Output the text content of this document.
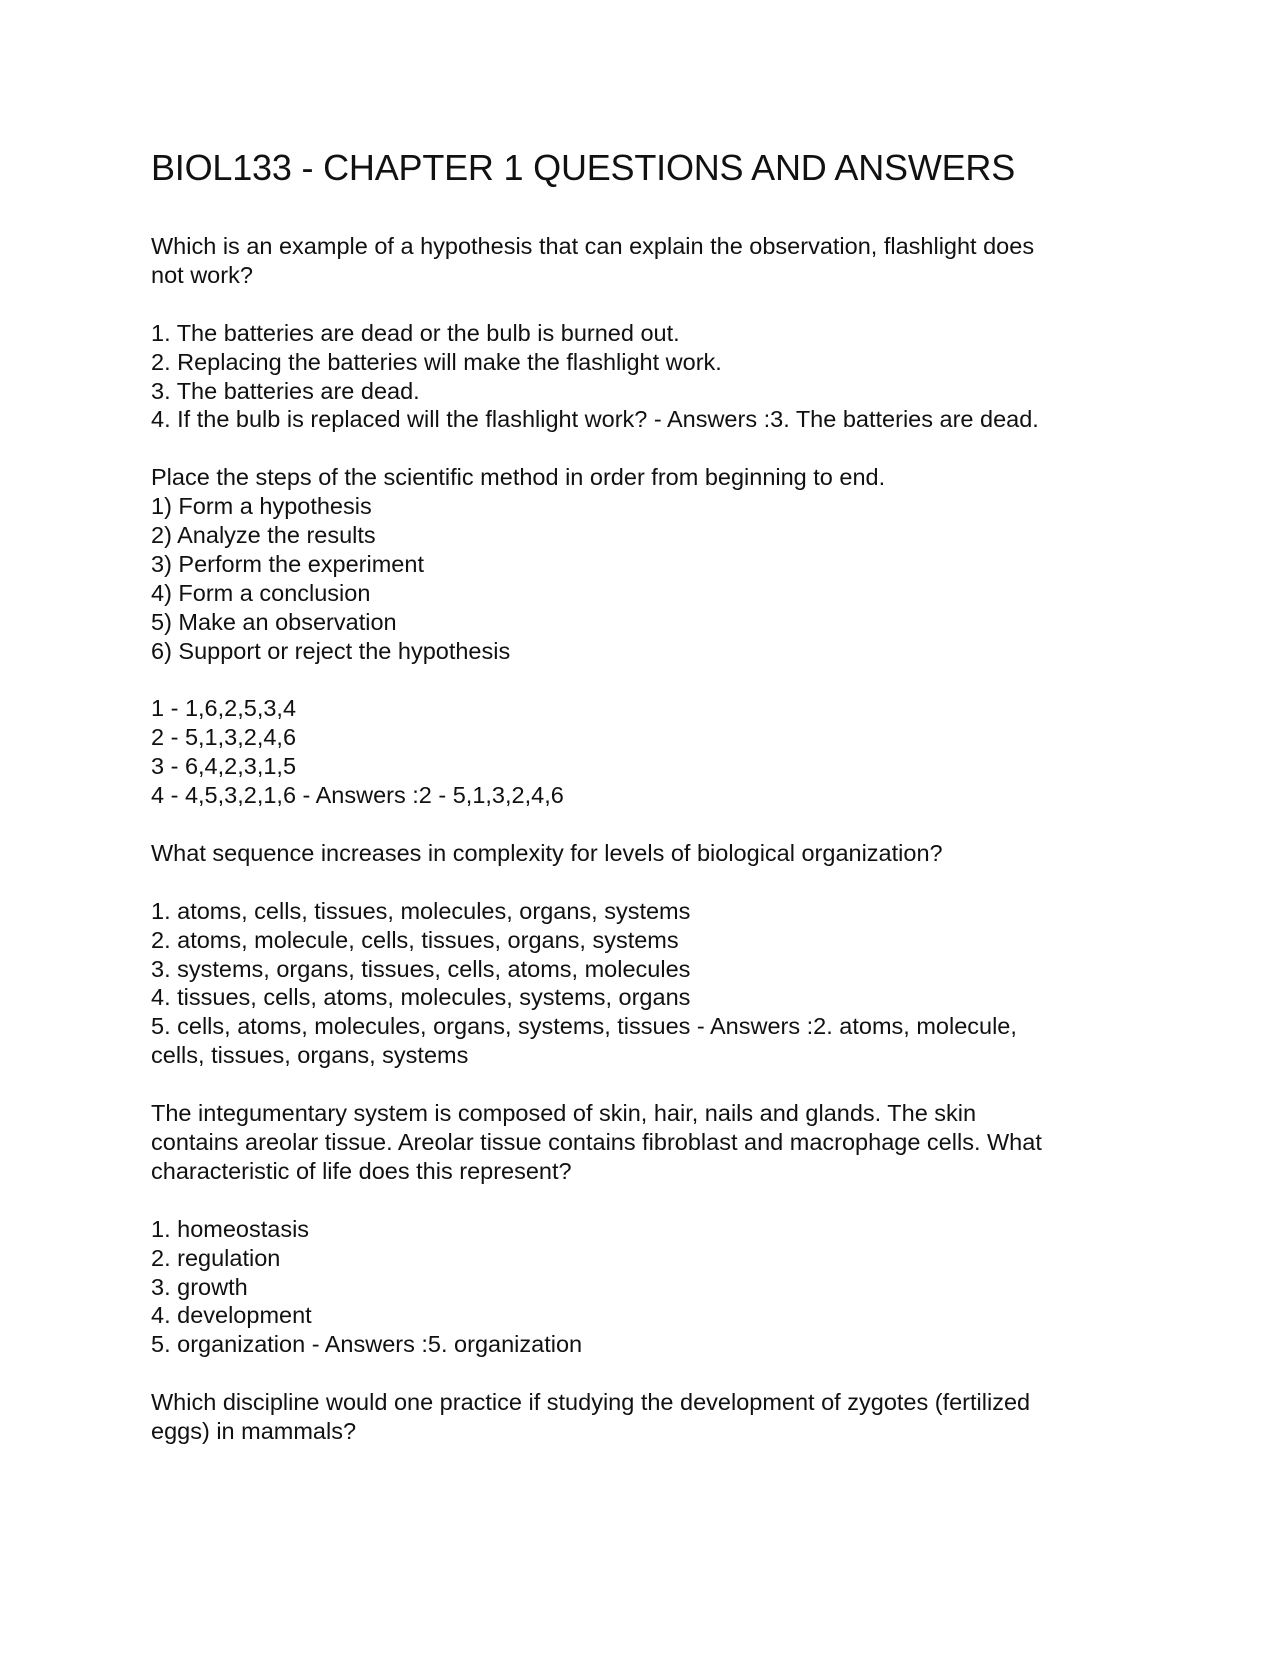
BIOL133 - CHAPTER 1 QUESTIONS AND ANSWERS

Which is an example of a hypothesis that can explain the observation, flashlight does

not work?

1. The batteries are dead or the bulb is burned out.

2. Replacing the batteries will make the flashlight work.

3. The batteries are dead.

4. If the bulb is replaced will the flashlight work? - Answers :3. The batteries are dead.

Place the steps of the scientific method in order from beginning to end.

1) Form a hypothesis

2) Analyze the results

3) Perform the experiment

4) Form a conclusion

5) Make an observation

6) Support or reject the hypothesis

1 - 1,6,2,5,3,4

2 - 5,1,3,2,4,6

3 - 6,4,2,3,1,5

4 - 4,5,3,2,1,6 - Answers :2 - 5,1,3,2,4,6

What sequence increases in complexity for levels of biological organization?

1. atoms, cells, tissues, molecules, organs, systems

2. atoms, molecule, cells, tissues, organs, systems

3. systems, organs, tissues, cells, atoms, molecules

4. tissues, cells, atoms, molecules, systems, organs

5. cells, atoms, molecules, organs, systems, tissues - Answers :2. atoms, molecule,

cells, tissues, organs, systems

The integumentary system is composed of skin, hair, nails and glands. The skin

contains areolar tissue. Areolar tissue contains fibroblast and macrophage cells. What

characteristic of life does this represent?

1. homeostasis

2. regulation

3. growth

4. development

5. organization - Answers :5. organization

Which discipline would one practice if studying the development of zygotes (fertilized

eggs) in mammals?
